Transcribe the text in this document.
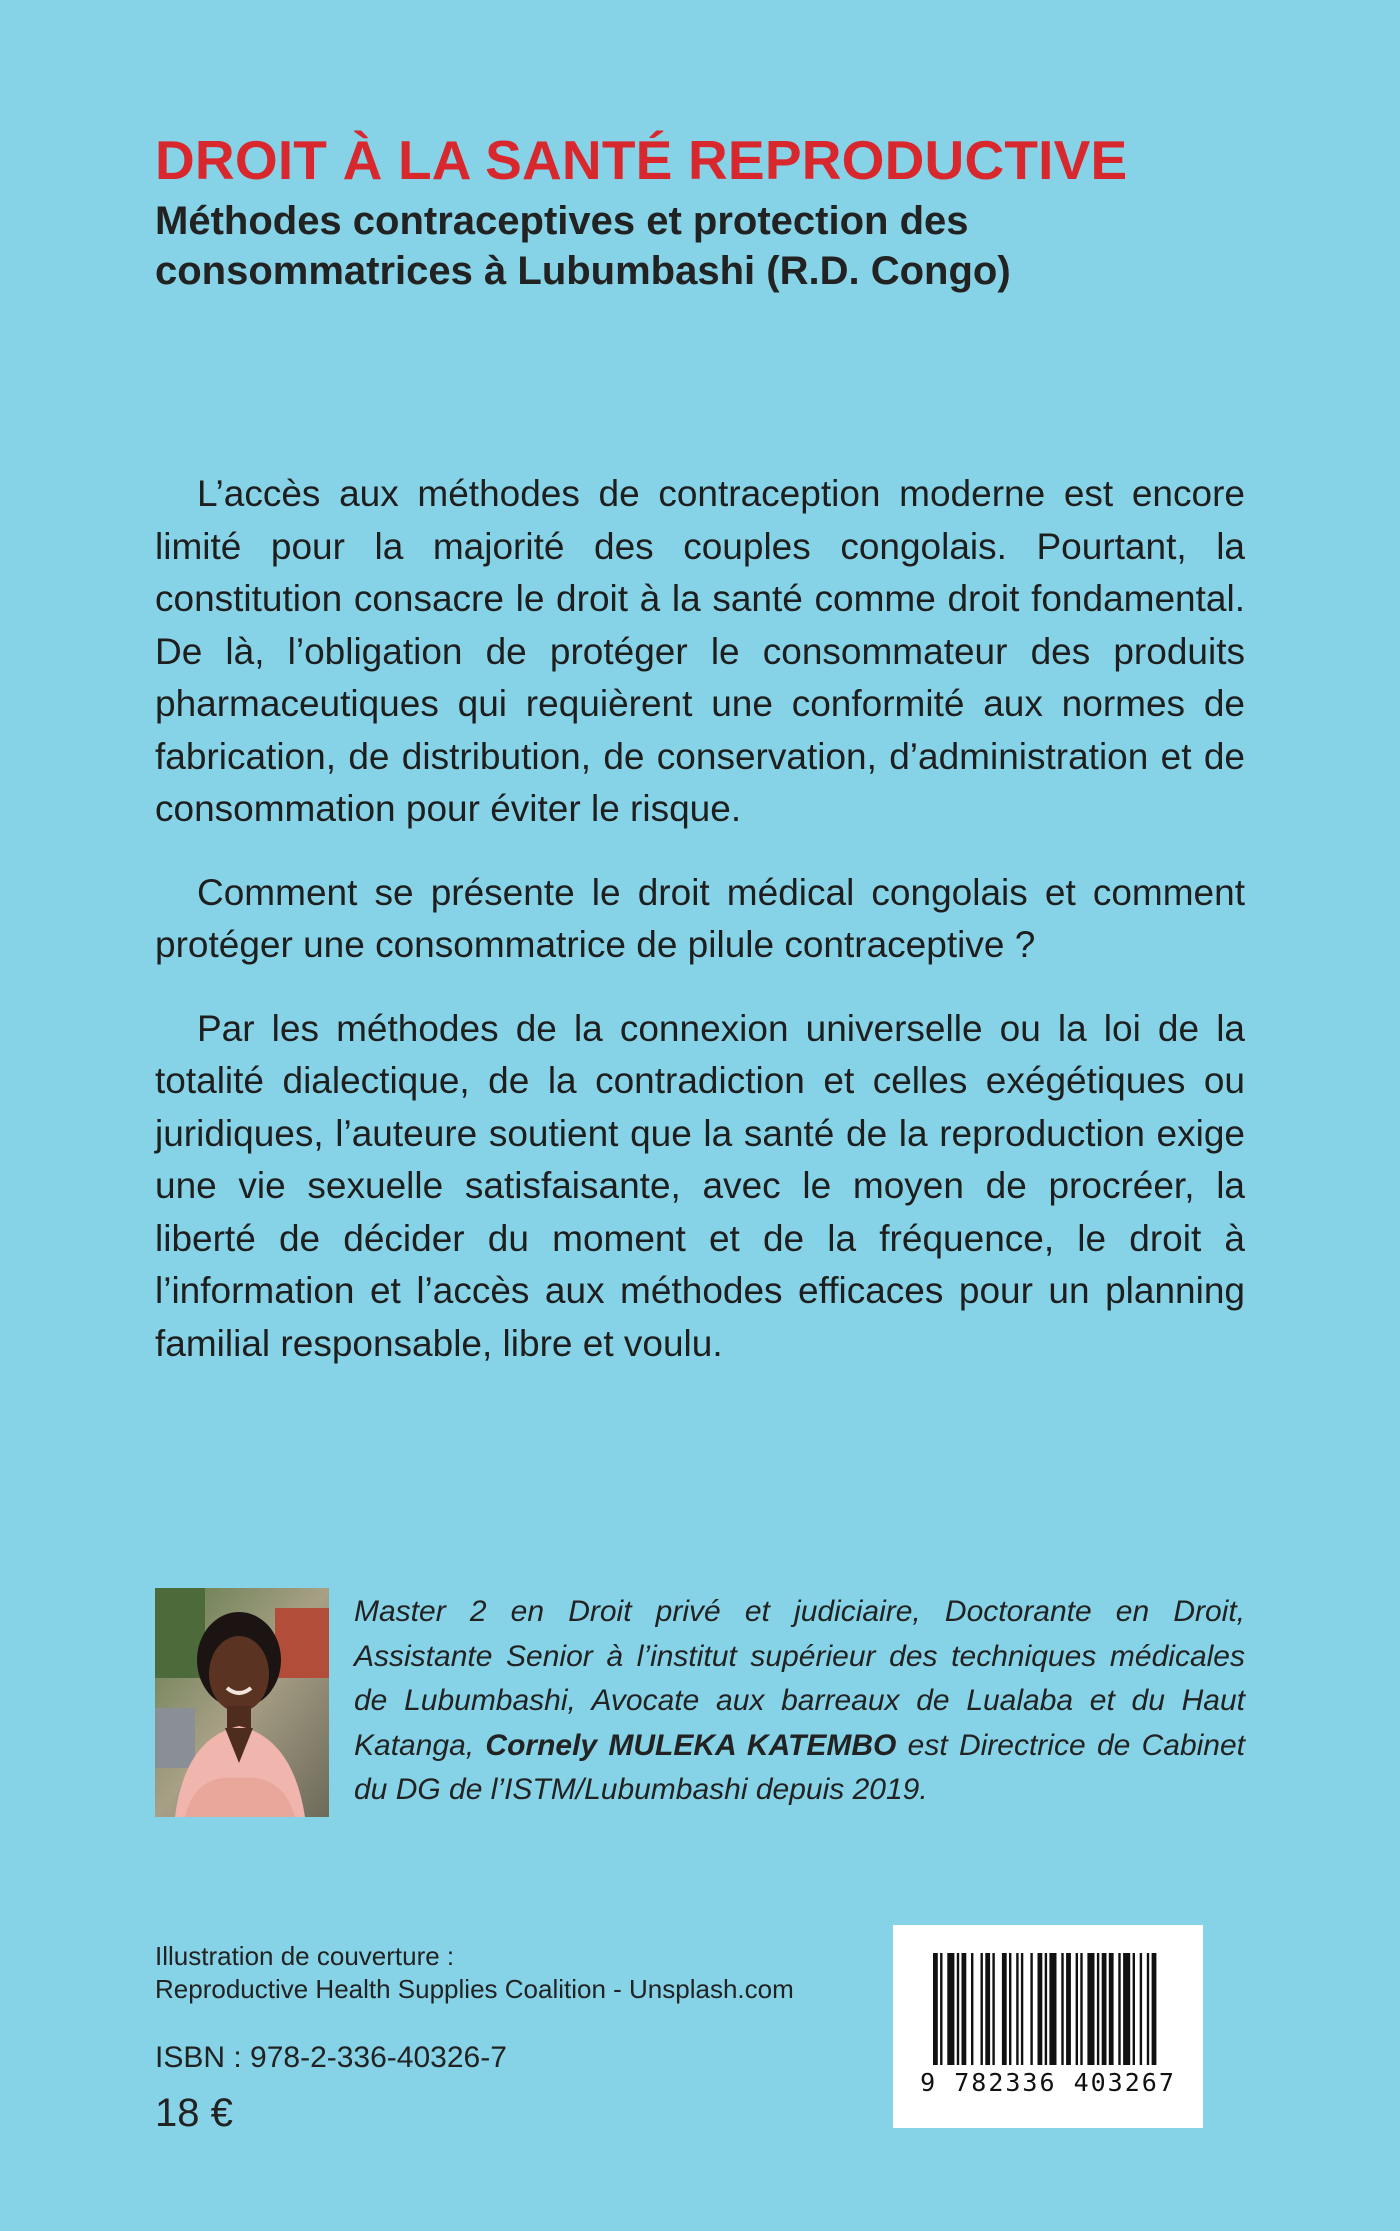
DROIT À LA SANTÉ REPRODUCTIVE
Méthodes contraceptives et protection des
consommatrices à Lubumbashi (R.D. Congo)

L’accès aux méthodes de contraception moderne est encore limité pour la majorité des couples congolais. Pourtant, la constitution consacre le droit à la santé comme droit fondamental. De là, l’obligation de protéger le consommateur des produits pharmaceutiques qui requièrent une conformité aux normes de fabrication, de distribution, de conservation, d’administration et de consommation pour éviter le risque.

Comment se présente le droit médical congolais et comment protéger une consommatrice de pilule contraceptive ?

Par les méthodes de la connexion universelle ou la loi de la totalité dialectique, de la contradiction et celles exégétiques ou juridiques, l’auteure soutient que la santé de la reproduction exige une vie sexuelle satisfaisante, avec le moyen de procréer, la liberté de décider du moment et de la fréquence, le droit à l’information et l’accès aux méthodes efficaces pour un planning familial responsable, libre et voulu.

Master 2 en Droit privé et judiciaire, Doctorante en Droit, Assistante Senior à l’institut supérieur des techniques médicales de Lubumbashi, Avocate aux barreaux de Lualaba et du Haut Katanga, Cornely MULEKA KATEMBO est Directrice de Cabinet du DG de l’ISTM/Lubumbashi depuis 2019.

Illustration de couverture :
Reproductive Health Supplies Coalition - Unsplash.com
ISBN : 978-2-336-40326-7
18 €
9 782336 403267
